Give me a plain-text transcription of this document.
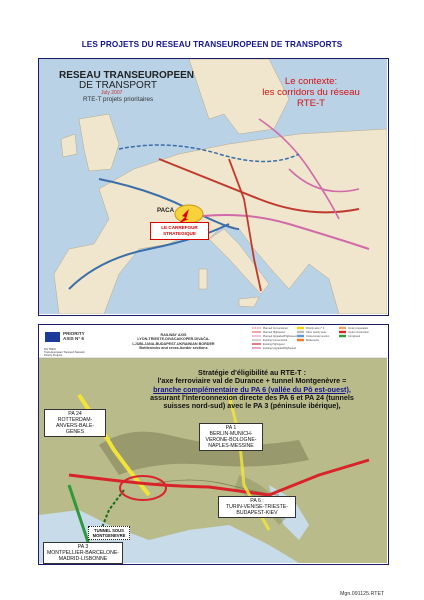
LES PROJETS DU RESEAU TRANSEUROPEEN DE TRANSPORTS
RESEAU TRANSEUROPEEN
DE TRANSPORT
July 2007
RTE-T projets prioritaires
Le contexte:
les corridors du réseau RTE-T
PACA
LE CARREFOUR
STRATEGIQUE
PRIORITY
AXIS N° 6
DG TREN
Trans-European Transport Network
Priority Projects
RAILWAY AXIS
LYON-TRIESTE-DIVACA/KOPER-DIVAČA-
LJUBLJANA-BUDAPEST-UKRAINIAN BORDER
Bottlenecks and cross-border sections
Planned Conventional
Planned Highspeed
Planned Upgraded/Highspeed
Existing Conventional
Existing Highspeed
Existing Upgraded/Highspeed
Priority axis n° 6
Other priority axes
Cross-border section
Bottlenecks
Under preparation
Under construction
Completed
Stratégie d'éligibilité au RTE-T :
l'axe ferroviaire val de Durance + tunnel Montgenèvre =
branche complémentaire du PA 6 (vallée du Pô est-ouest),
assurant l'interconnexion directe des PA 6 et PA 24 (tunnels
suisses nord-sud) avec le PA 3 (péninsule ibérique),
PA 24
ROTTERDAM-
ANVERS-BALE-
GENES
PA 1
BERLIN-MUNICH-
VERONE-BOLOGNE-
NAPLES-MESSINE
PA 6 :
TURIN-VENISE-TRIESTE-
BUDAPEST-KIEV
TUNNEL SOUS
MONTGENEVRE
PA 3
MONTPELLIER-BARCELONE-
MADRID-LISBONNE
Mgn.091125.RTET
